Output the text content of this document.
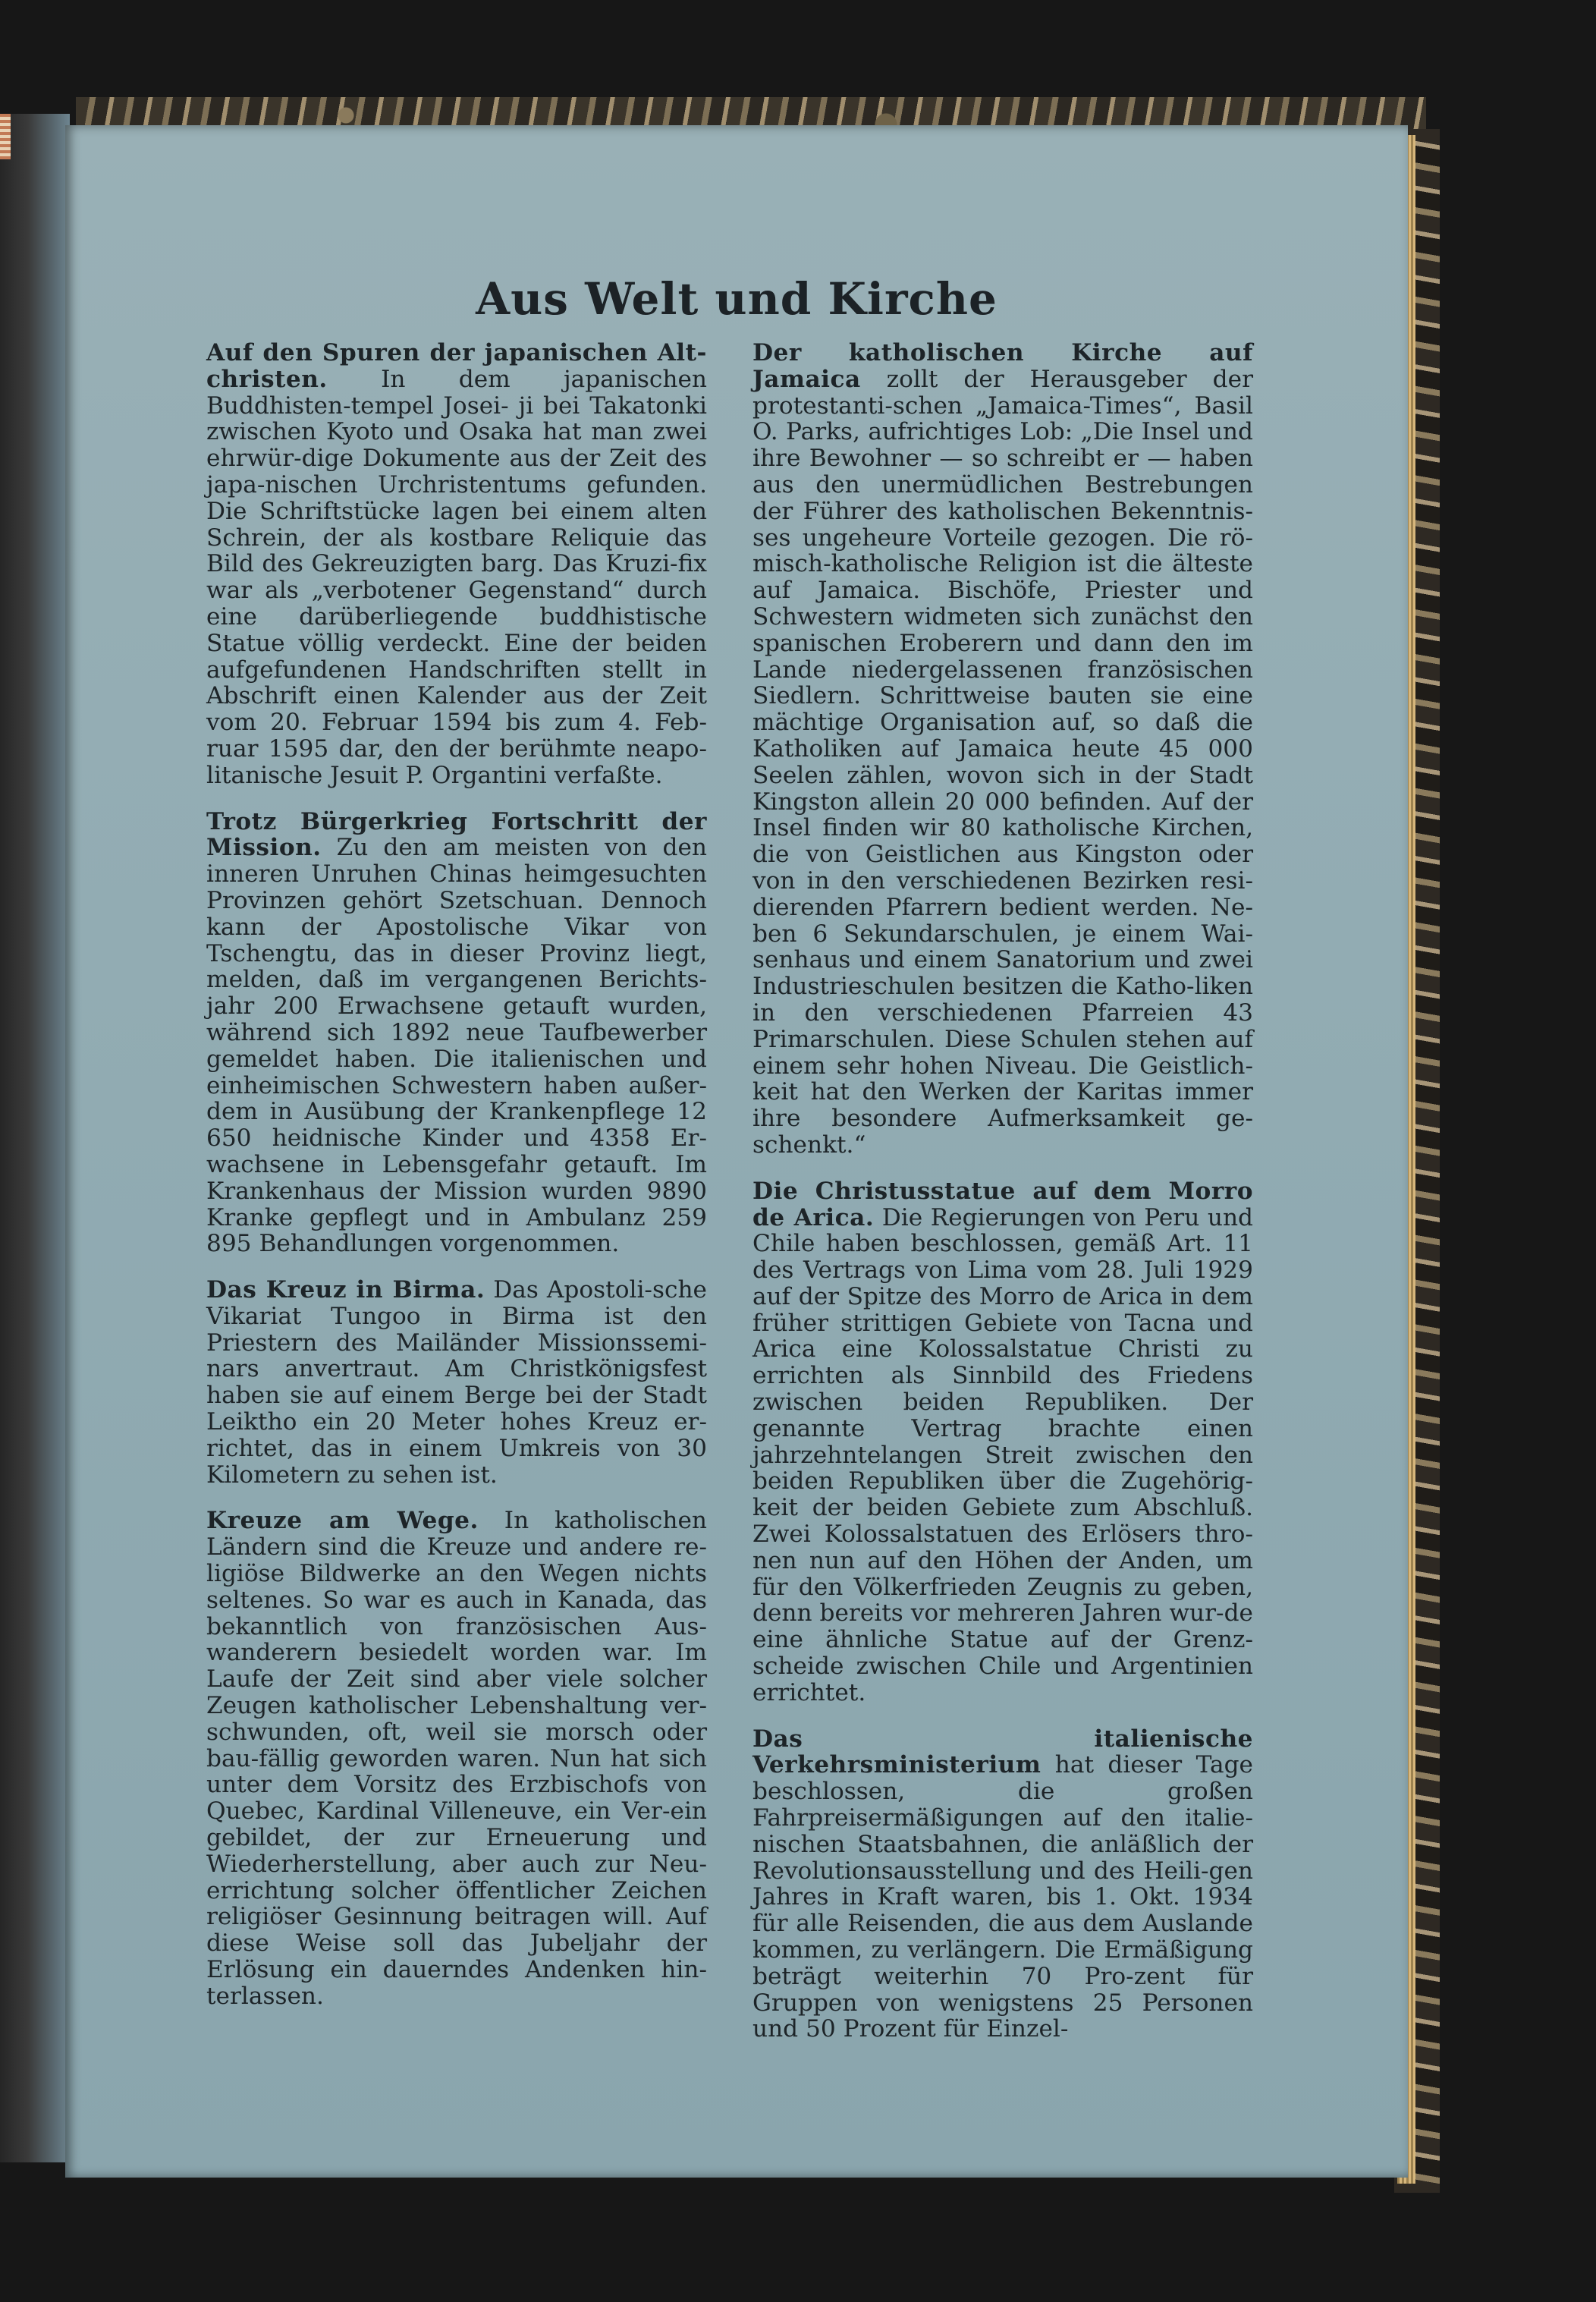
Aus Welt und Kirche

Auf den Spuren der japanischen Alt-christen. In dem japanischen Buddhisten-tempel Josei- ji bei Takatonki zwischen Kyoto und Osaka hat man zwei ehrwür-dige Dokumente aus der Zeit des japa-nischen Urchristentums gefunden. Die Schriftstücke lagen bei einem alten Schrein, der als kostbare Reliquie das Bild des Gekreuzigten barg. Das Kruzi-fix war als „verbotener Gegenstand“ durch eine darüberliegende buddhistische Statue völlig verdeckt. Eine der beiden aufgefundenen Handschriften stellt in Abschrift einen Kalender aus der Zeit vom 20. Februar 1594 bis zum 4. Feb-ruar 1595 dar, den der berühmte neapo-litanische Jesuit P. Organtini verfaßte.

Trotz Bürgerkrieg Fortschritt der Mission. Zu den am meisten von den inneren Unruhen Chinas heimgesuchten Provinzen gehört Szetschuan. Dennoch kann der Apostolische Vikar von Tschengtu, das in dieser Provinz liegt, melden, daß im vergangenen Berichts-jahr 200 Erwachsene getauft wurden, während sich 1892 neue Taufbewerber gemeldet haben. Die italienischen und einheimischen Schwestern haben außer-dem in Ausübung der Krankenpflege 12 650 heidnische Kinder und 4358 Er-wachsene in Lebensgefahr getauft. Im Krankenhaus der Mission wurden 9890 Kranke gepflegt und in Ambulanz 259 895 Behandlungen vorgenommen.

Das Kreuz in Birma. Das Apostoli-sche Vikariat Tungoo in Birma ist den Priestern des Mailänder Missionssemi-nars anvertraut. Am Christkönigsfest haben sie auf einem Berge bei der Stadt Leiktho ein 20 Meter hohes Kreuz er-richtet, das in einem Umkreis von 30 Kilometern zu sehen ist.

Kreuze am Wege. In katholischen Ländern sind die Kreuze und andere re-ligiöse Bildwerke an den Wegen nichts seltenes. So war es auch in Kanada, das bekanntlich von französischen Aus-wanderern besiedelt worden war. Im Laufe der Zeit sind aber viele solcher Zeugen katholischer Lebenshaltung ver-schwunden, oft, weil sie morsch oder bau-fällig geworden waren. Nun hat sich unter dem Vorsitz des Erzbischofs von Quebec, Kardinal Villeneuve, ein Ver-ein gebildet, der zur Erneuerung und Wiederherstellung, aber auch zur Neu-errichtung solcher öffentlicher Zeichen religiöser Gesinnung beitragen will. Auf diese Weise soll das Jubeljahr der Erlösung ein dauerndes Andenken hin-terlassen.

Der katholischen Kirche auf Jamaica zollt der Herausgeber der protestanti-schen „Jamaica-Times“, Basil O. Parks, aufrichtiges Lob: „Die Insel und ihre Bewohner — so schreibt er — haben aus den unermüdlichen Bestrebungen der Führer des katholischen Bekenntnis-ses ungeheure Vorteile gezogen. Die rö-misch-katholische Religion ist die älteste auf Jamaica. Bischöfe, Priester und Schwestern widmeten sich zunächst den spanischen Eroberern und dann den im Lande niedergelassenen französischen Siedlern. Schrittweise bauten sie eine mächtige Organisation auf, so daß die Katholiken auf Jamaica heute 45 000 Seelen zählen, wovon sich in der Stadt Kingston allein 20 000 befinden. Auf der Insel finden wir 80 katholische Kirchen, die von Geistlichen aus Kingston oder von in den verschiedenen Bezirken resi-dierenden Pfarrern bedient werden. Ne-ben 6 Sekundarschulen, je einem Wai-senhaus und einem Sanatorium und zwei Industrieschulen besitzen die Katho-liken in den verschiedenen Pfarreien 43 Primarschulen. Diese Schulen stehen auf einem sehr hohen Niveau. Die Geistlich-keit hat den Werken der Karitas immer ihre besondere Aufmerksamkeit ge-schenkt.“

Die Christusstatue auf dem Morro de Arica. Die Regierungen von Peru und Chile haben beschlossen, gemäß Art. 11 des Vertrags von Lima vom 28. Juli 1929 auf der Spitze des Morro de Arica in dem früher strittigen Gebiete von Tacna und Arica eine Kolossalstatue Christi zu errichten als Sinnbild des Friedens zwischen beiden Republiken. Der genannte Vertrag brachte einen jahrzehntelangen Streit zwischen den beiden Republiken über die Zugehörig-keit der beiden Gebiete zum Abschluß. Zwei Kolossalstatuen des Erlösers thro-nen nun auf den Höhen der Anden, um für den Völkerfrieden Zeugnis zu geben, denn bereits vor mehreren Jahren wur-de eine ähnliche Statue auf der Grenz-scheide zwischen Chile und Argentinien errichtet.

Das italienische Verkehrsministerium hat dieser Tage beschlossen, die großen Fahrpreisermäßigungen auf den italie-nischen Staatsbahnen, die anläßlich der Revolutionsausstellung und des Heili-gen Jahres in Kraft waren, bis 1. Okt. 1934 für alle Reisenden, die aus dem Auslande kommen, zu verlängern. Die Ermäßigung beträgt weiterhin 70 Pro-zent für Gruppen von wenigstens 25 Personen und 50 Prozent für Einzel-
